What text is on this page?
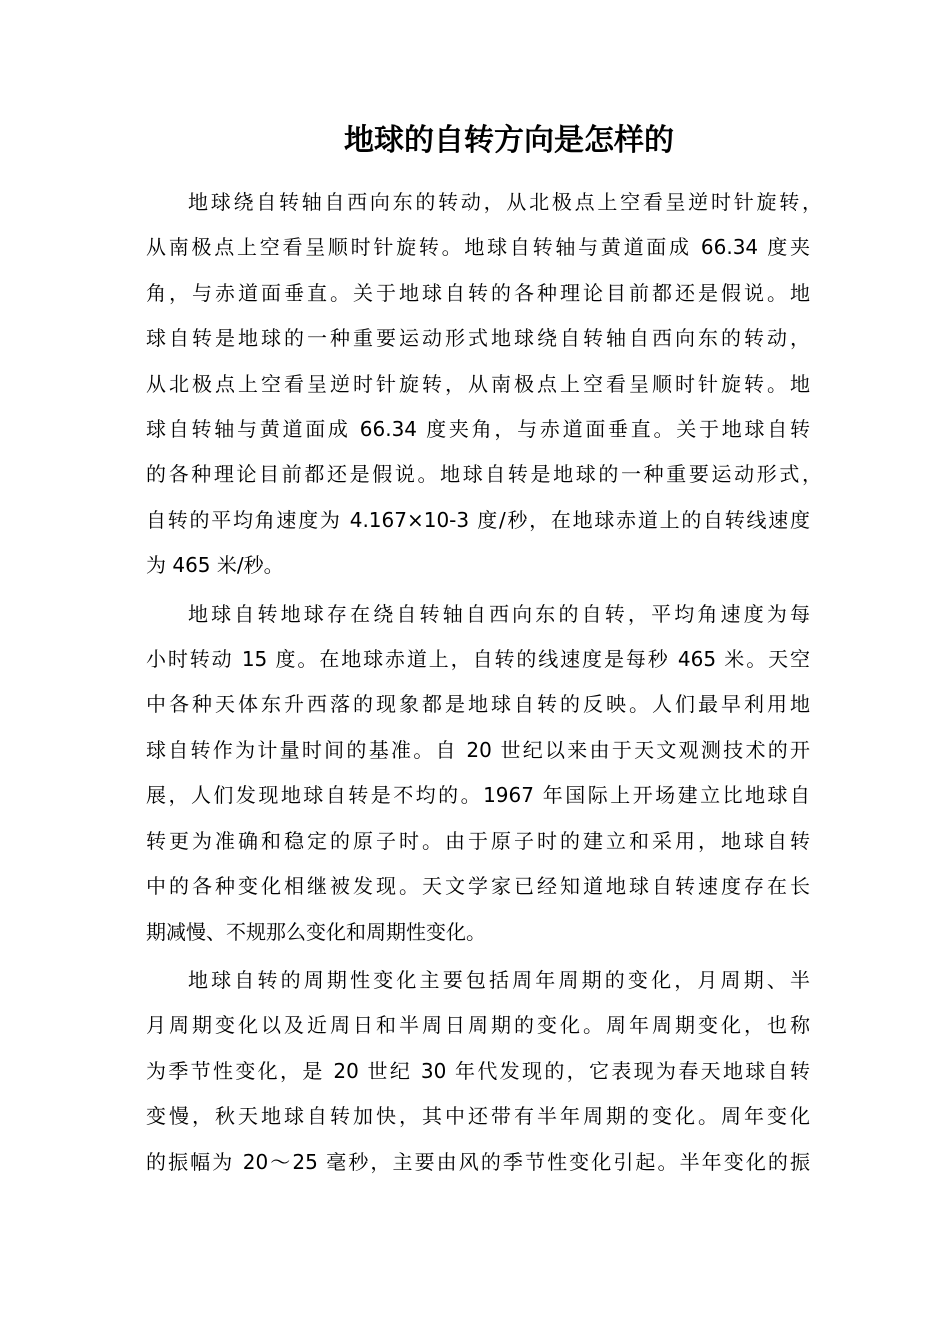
地球的自转方向是怎样的

地球绕自转轴自西向东的转动，从北极点上空看呈逆时针旋转，
从南极点上空看呈顺时针旋转。地球自转轴与黄道面成 66.34 度夹
角，与赤道面垂直。关于地球自转的各种理论目前都还是假说。地
球自转是地球的一种重要运动形式地球绕自转轴自西向东的转动，
从北极点上空看呈逆时针旋转，从南极点上空看呈顺时针旋转。地
球自转轴与黄道面成 66.34 度夹角，与赤道面垂直。关于地球自转
的各种理论目前都还是假说。地球自转是地球的一种重要运动形式，
自转的平均角速度为 4.167×10-3 度/秒，在地球赤道上的自转线速度
为 465 米/秒。

地球自转地球存在绕自转轴自西向东的自转，平均角速度为每
小时转动 15 度。在地球赤道上，自转的线速度是每秒 465 米。天空
中各种天体东升西落的现象都是地球自转的反映。人们最早利用地
球自转作为计量时间的基准。自 20 世纪以来由于天文观测技术的开
展，人们发现地球自转是不均的。1967 年国际上开场建立比地球自
转更为准确和稳定的原子时。由于原子时的建立和采用，地球自转
中的各种变化相继被发现。天文学家已经知道地球自转速度存在长
期减慢、不规那么变化和周期性变化。

地球自转的周期性变化主要包括周年周期的变化，月周期、半
月周期变化以及近周日和半周日周期的变化。周年周期变化，也称
为季节性变化，是 20 世纪 30 年代发现的，它表现为春天地球自转
变慢，秋天地球自转加快，其中还带有半年周期的变化。周年变化
的振幅为 20～25 毫秒，主要由风的季节性变化引起。半年变化的振
